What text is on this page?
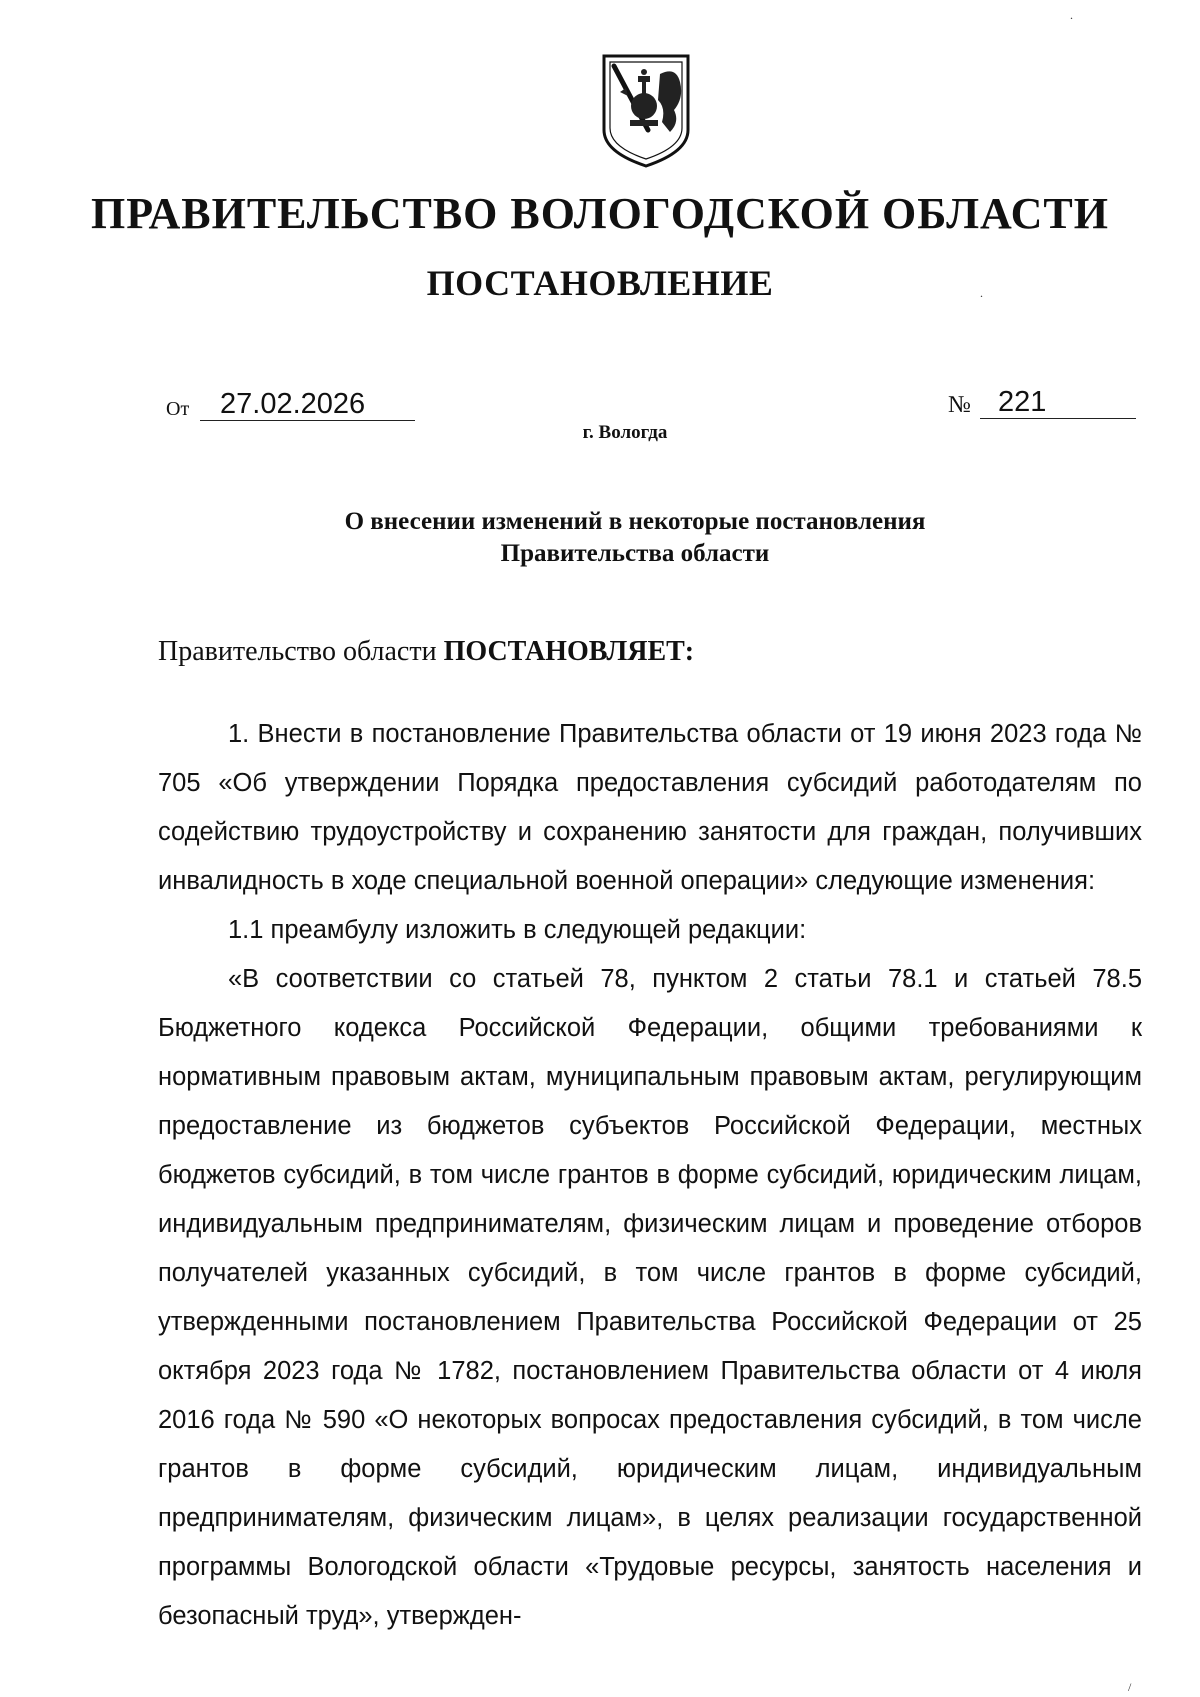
ПРАВИТЕЛЬСТВО ВОЛОГОДСКОЙ ОБЛАСТИ
ПОСТАНОВЛЕНИЕ
От	27.02.2026	№ 221
г. Вологда
О внесении изменений в некоторые постановления
Правительства области
Правительство области ПОСТАНОВЛЯЕТ:

1. Внести в постановление Правительства области от 19 июня 2023 года № 705 «Об утверждении Порядка предоставления субсидий работодателям по содействию трудоустройству и сохранению занятости для граждан, получивших инвалидность в ходе специальной военной операции» следующие изменения:

1.1 преамбулу изложить в следующей редакции:

«В соответствии со статьей 78, пунктом 2 статьи 78.1 и статьей 78.5 Бюджетного кодекса Российской Федерации, общими требованиями к нормативным правовым актам, муниципальным правовым актам, регулирующим предоставление из бюджетов субъектов Российской Федерации, местных бюджетов субсидий, в том числе грантов в форме субсидий, юридическим лицам, индивидуальным предпринимателям, физическим лицам и проведение отборов получателей указанных субсидий, в том числе грантов в форме субсидий, утвержденными постановлением Правительства Российской Федерации от 25 октября 2023 года № 1782, постановлением Правительства области от 4 июля 2016 года № 590 «О некоторых вопросах предоставления субсидий, в том числе грантов в форме субсидий, юридическим лицам, индивидуальным предпринимателям, физическим лицам», в целях реализации государственной программы Вологодской области «Трудовые ресурсы, занятость населения и безопасный труд», утвержден-

.
.
/
